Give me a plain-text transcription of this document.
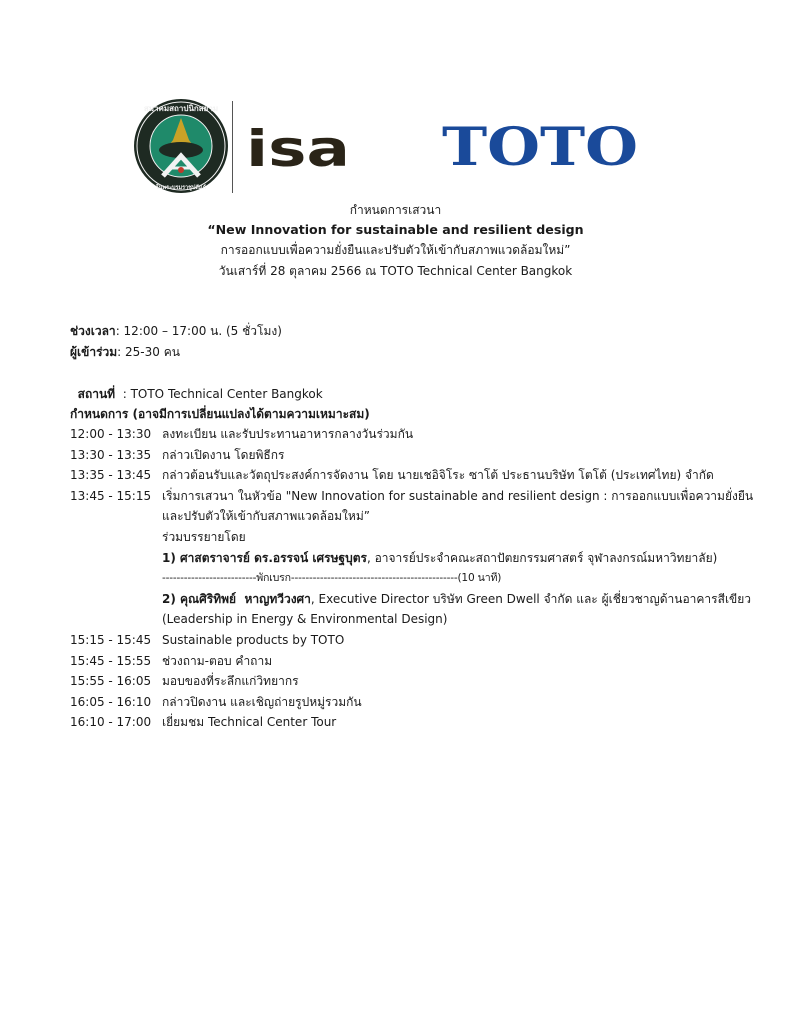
สมาคมสถาปนิกสยาม
ในพระบรมราชูปถัมภ์
isa TOTO
กำหนดการเสวนา
“New Innovation for sustainable and resilient design
การออกแบบเพื่อความยั่งยืนและปรับตัวให้เข้ากับสภาพแวดล้อมใหม่”
วันเสาร์ที่ 28 ตุลาคม 2566 ณ TOTO Technical Center Bangkok
ช่วงเวลา: 12:00 – 17:00 น. (5 ชั่วโมง)
ผู้เข้าร่วม: 25-30 คน

สถานที่  : TOTO Technical Center Bangkok

กำหนดการ (อาจมีการเปลี่ยนแปลงได้ตามความเหมาะสม)
12:00 - 13:30 ลงทะเบียน และรับประทานอาหารกลางวันร่วมกัน
13:30 - 13:35 กล่าวเปิดงาน โดยพิธีกร
13:35 - 13:45 กล่าวต้อนรับและวัตถุประสงค์การจัดงาน โดย นายเชอิจิโระ ซาโต้ ประธานบริษัท โตโต้ (ประเทศไทย) จำกัด
13:45 - 15:15 เริ่มการเสวนา ในหัวข้อ "New Innovation for sustainable and resilient design : การออกแบบเพื่อความยั่งยืน
และปรับตัวให้เข้ากับสภาพแวดล้อมใหม่”
ร่วมบรรยายโดย
1) ศาสตราจารย์ ดร.อรรจน์ เศรษฐบุตร, อาจารย์ประจำคณะสถาปัตยกรรมศาสตร์ จุฬาลงกรณ์มหาวิทยาลัย)
--------------------------พักเบรก----------------------------------------------(10 นาที)
2) คุณศิริทิพย์  หาญทวีวงศา, Executive Director บริษัท Green Dwell จำกัด และ ผู้เชี่ยวชาญด้านอาคารสีเขียว
(Leadership in Energy & Environmental Design)
15:15 - 15:45 Sustainable products by TOTO
15:45 - 15:55 ช่วงถาม-ตอบ คำถาม
15:55 - 16:05 มอบของที่ระลึกแก่วิทยากร
16:05 - 16:10 กล่าวปิดงาน และเชิญถ่ายรูปหมู่รวมกัน
16:10 - 17:00 เยี่ยมชม Technical Center Tour
